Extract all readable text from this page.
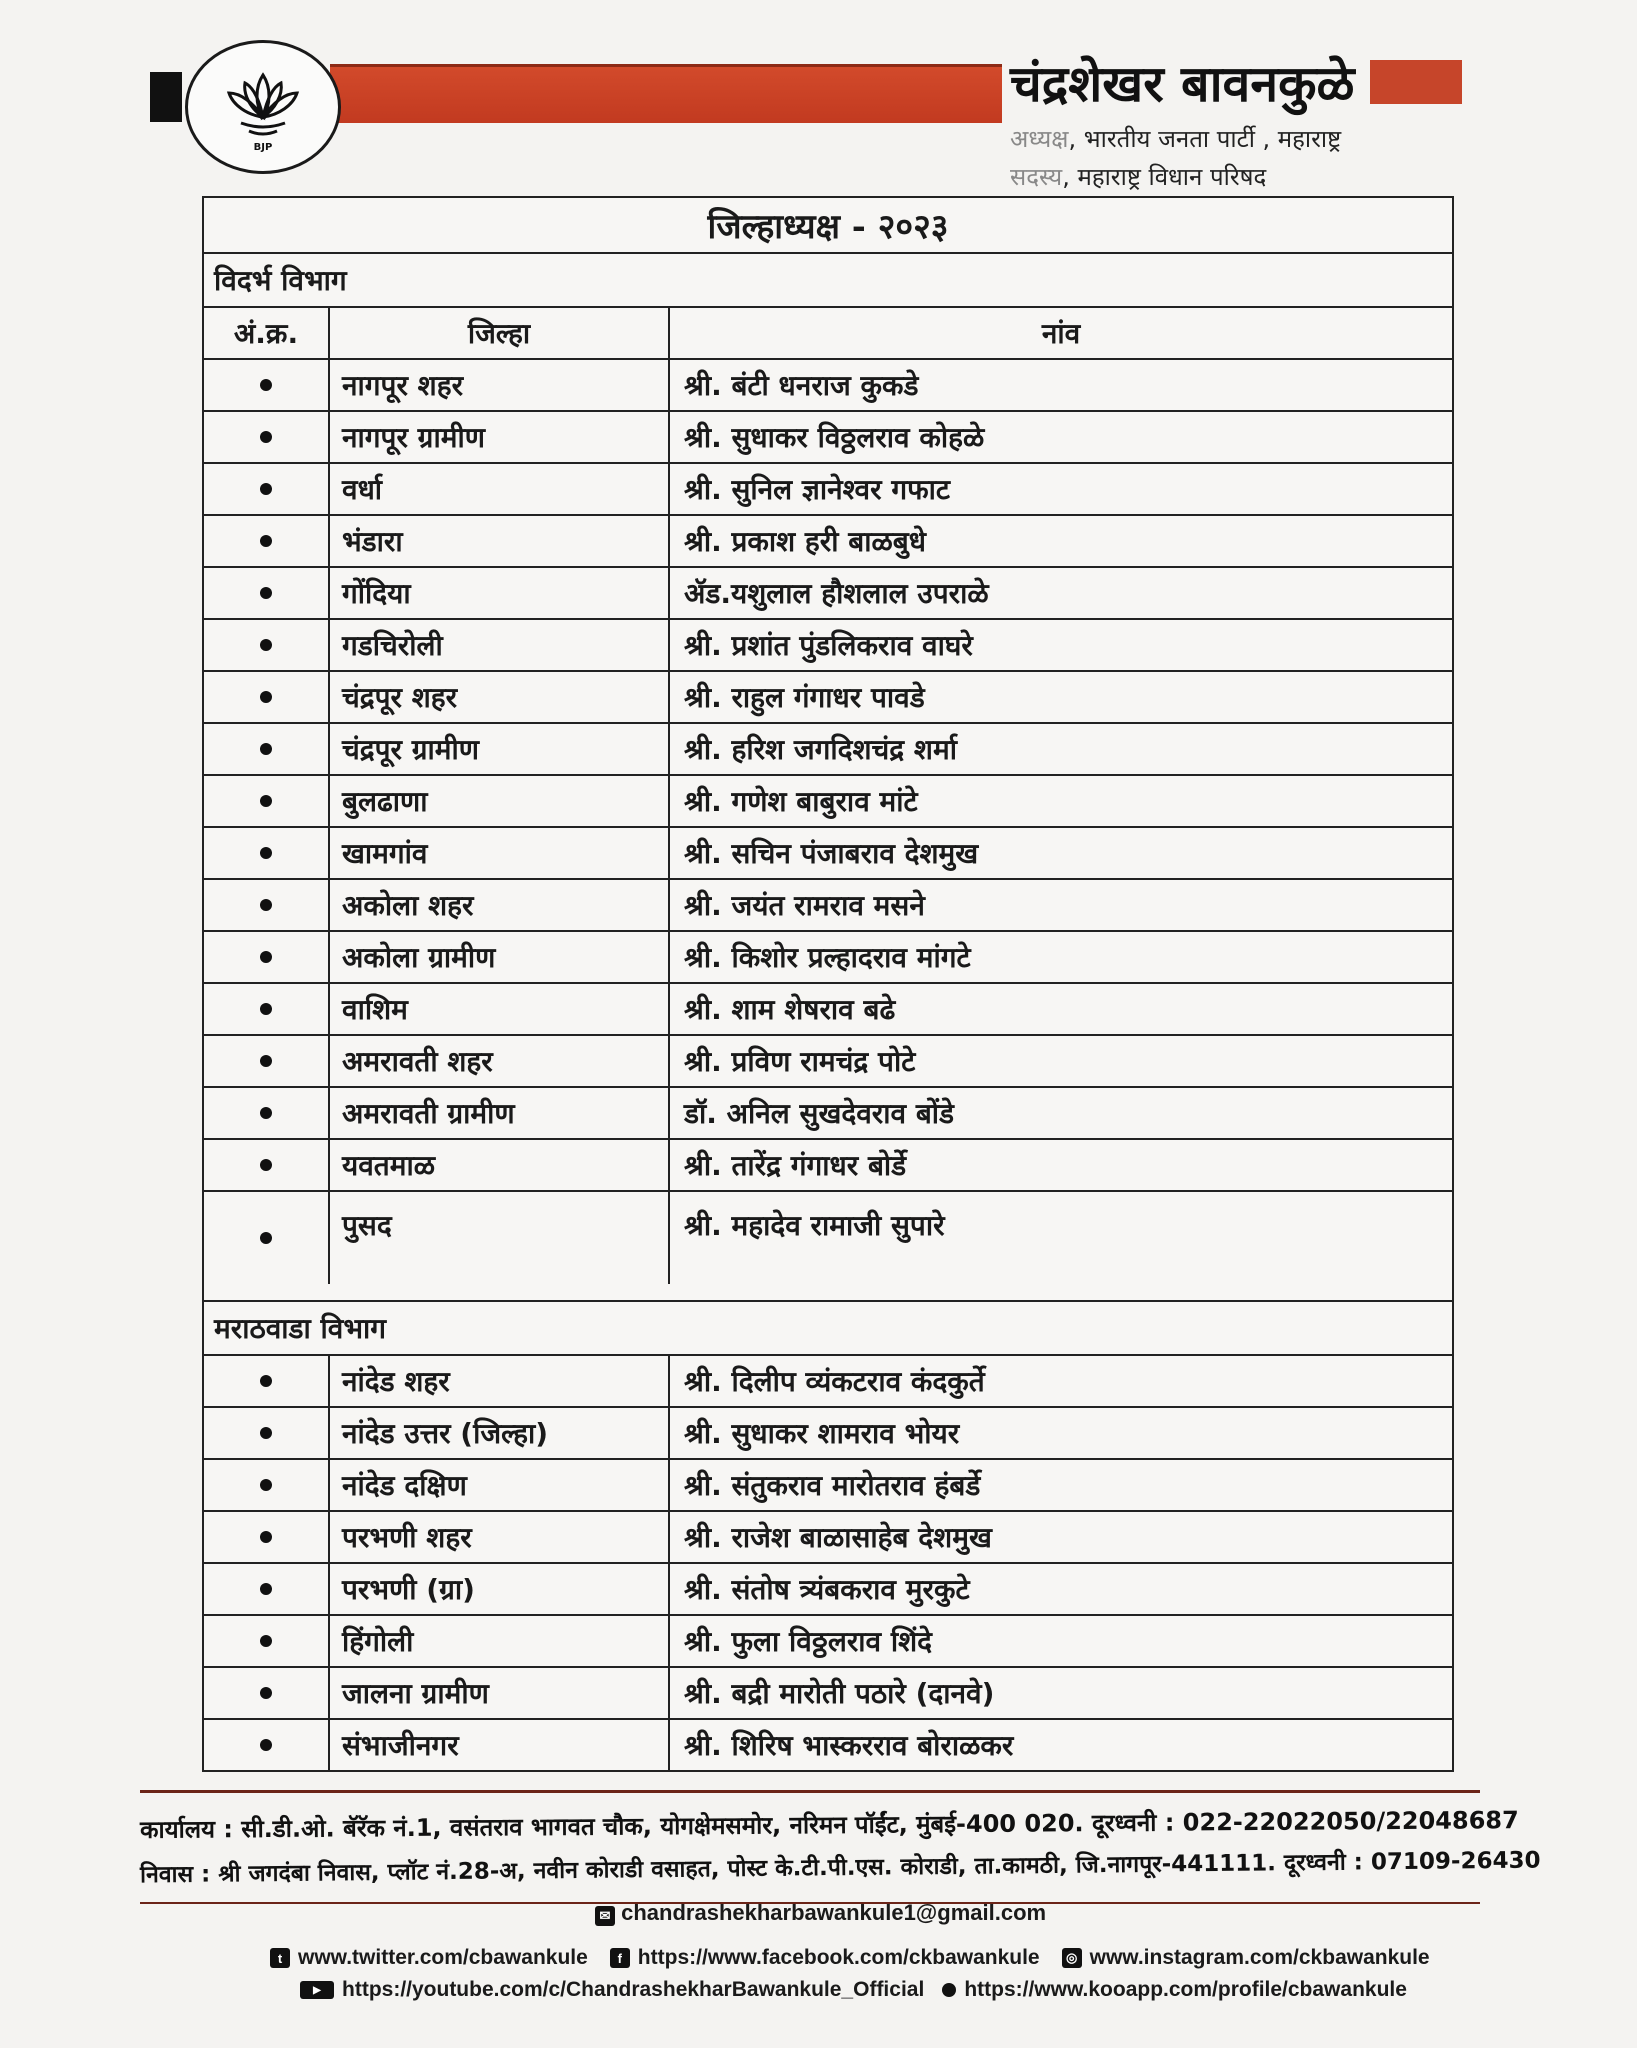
BJP
चंद्रशेखर बावनकुळे
अध्यक्ष, भारतीय जनता पार्टी , महाराष्ट्र
सदस्य, महाराष्ट्र विधान परिषद
जिल्हाध्यक्ष - २०२३
विदर्भ विभाग
अं.क्र.	जिल्हा	नांव
नागपूर शहर	श्री. बंटी धनराज कुकडे
नागपूर ग्रामीण	श्री. सुधाकर विठ्ठलराव कोहळे
वर्धा	श्री. सुनिल ज्ञानेश्वर गफाट
भंडारा	श्री. प्रकाश हरी बाळबुधे
गोंदिया	ॲड.यशुलाल हौशलाल उपराळे
गडचिरोली	श्री. प्रशांत पुंडलिकराव वाघरे
चंद्रपूर शहर	श्री. राहुल गंगाधर पावडे
चंद्रपूर ग्रामीण	श्री. हरिश जगदिशचंद्र शर्मा
बुलढाणा	श्री. गणेश बाबुराव मांटे
खामगांव	श्री. सचिन पंजाबराव देशमुख
अकोला शहर	श्री. जयंत रामराव मसने
अकोला ग्रामीण	श्री. किशोर प्रल्हादराव मांगटे
वाशिम	श्री. शाम शेषराव बढे
अमरावती शहर	श्री. प्रविण रामचंद्र पोटे
अमरावती ग्रामीण	डॉ. अनिल सुखदेवराव बोंडे
यवतमाळ	श्री. तारेंद्र गंगाधर बोर्डे
पुसद	श्री. महादेव रामाजी सुपारे
मराठवाडा विभाग
नांदेड शहर	श्री. दिलीप व्यंकटराव कंदकुर्ते
नांदेड उत्तर (जिल्हा)	श्री. सुधाकर शामराव भोयर
नांदेड दक्षिण	श्री. संतुकराव मारोतराव हंबर्डे
परभणी शहर	श्री. राजेश बाळासाहेब देशमुख
परभणी (ग्रा)	श्री. संतोष त्र्यंबकराव मुरकुटे
हिंगोली	श्री. फुला विठ्ठलराव शिंदे
जालना ग्रामीण	श्री. बद्री मारोती पठारे (दानवे)
संभाजीनगर	श्री. शिरिष भास्करराव बोराळकर
कार्यालय : सी.डी.ओ. बॅरॅक नं.1, वसंतराव भागवत चौक, योगक्षेमसमोर, नरिमन पॉईंट, मुंबई-400 020. दूरध्वनी : 022-22022050/22048687
निवास : श्री जगदंबा निवास, प्लॉट नं.28-अ, नवीन कोराडी वसाहत, पोस्ट के.टी.पी.एस. कोराडी, ता.कामठी, जि.नागपूर-441111. दूरध्वनी : 07109-26430
✉ chandrashekharbawankule1@gmail.com
t www.twitter.com/cbawankule	f https://www.facebook.com/ckbawankule	◎ www.instagram.com/ckbawankule
▶	https://youtube.com/c/ChandrashekharBawankule_Official https://www.kooapp.com/profile/cbawankule
